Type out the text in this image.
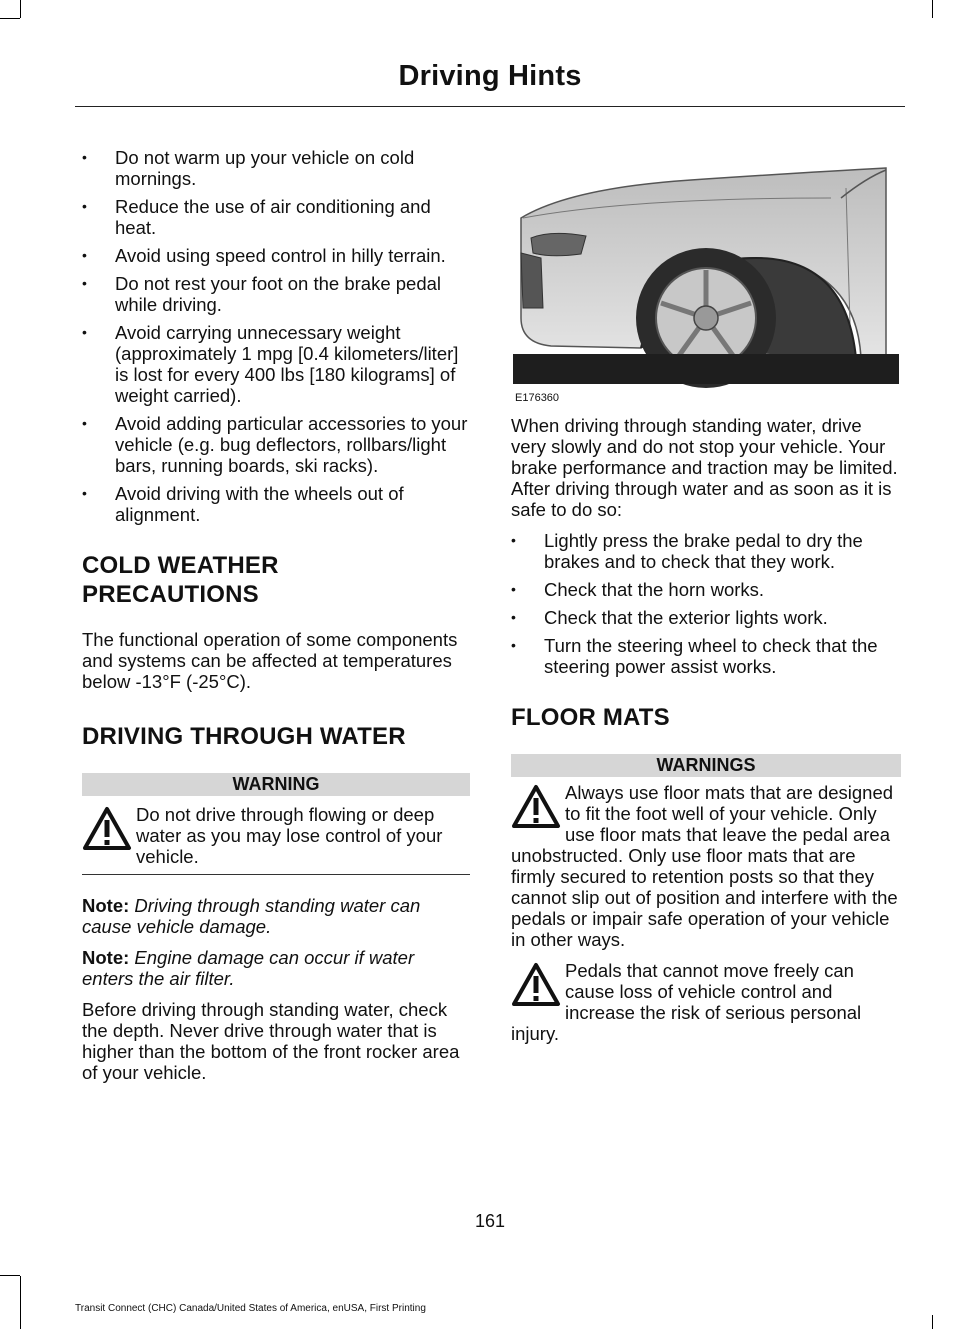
Driving Hints
• Do not warm up your vehicle on cold mornings.
• Reduce the use of air conditioning and heat.
• Avoid using speed control in hilly terrain.
• Do not rest your foot on the brake pedal while driving.
• Avoid carrying unnecessary weight (approximately 1 mpg [0.4 kilometers/liter] is lost for every 400 lbs [180 kilograms] of weight carried).
• Avoid adding particular accessories to your vehicle (e.g. bug deflectors, rollbars/light bars, running boards, ski racks).
• Avoid driving with the wheels out of alignment.
COLD WEATHER PRECAUTIONS

The functional operation of some components and systems can be affected at temperatures below -13°F (-25°C).

DRIVING THROUGH WATER
WARNING

Do not drive through flowing or deep water as you may lose control of your vehicle.

Note: Driving through standing water can cause vehicle damage.

Note: Engine damage can occur if water enters the air filter.

Before driving through standing water, check the depth. Never drive through water that is higher than the bottom of the front rocker area of your vehicle.

E176360

When driving through standing water, drive very slowly and do not stop your vehicle. Your brake performance and traction may be limited. After driving through water and as soon as it is safe to do so:

• Lightly press the brake pedal to dry the brakes and to check that they work.
• Check that the horn works.
• Check that the exterior lights work.
• Turn the steering wheel to check that the steering power assist works.
FLOOR MATS
WARNINGS

Always use floor mats that are designed to fit the foot well of your vehicle. Only use floor mats that leave the pedal area unobstructed. Only use floor mats that are firmly secured to retention posts so that they cannot slip out of position and interfere with the pedals or impair safe operation of your vehicle in other ways.

Pedals that cannot move freely can cause loss of vehicle control and increase the risk of serious personal injury.

161
Transit Connect (CHC) Canada/United States of America, enUSA, First Printing
